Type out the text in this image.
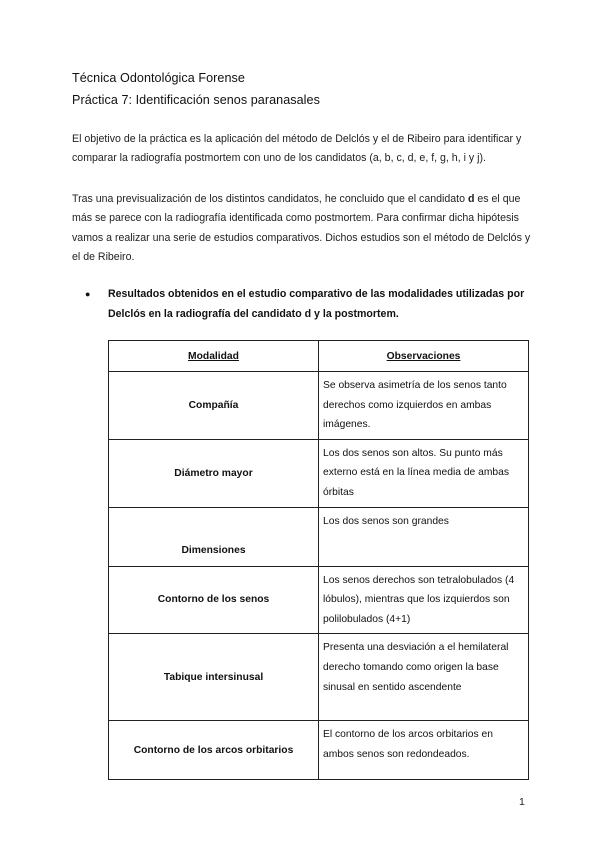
Técnica Odontológica Forense
Práctica 7: Identificación senos paranasales
El objetivo de la práctica es la aplicación del método de Delclós y el de Ribeiro para identificar y comparar la radiografía postmortem con uno de los candidatos (a, b, c, d, e, f, g, h, i y j).
Tras una previsualización de los distintos candidatos, he concluido que el candidato d es el que más se parece con la radiografía identificada como postmortem. Para confirmar dicha hipótesis vamos a realizar una serie de estudios comparativos. Dichos estudios son el método de Delclós y el de Ribeiro.
● Resultados obtenidos en el estudio comparativo de las modalidades utilizadas por Delclós en la radiografía del candidato d y la postmortem.
Modalidad	Observaciones
Compañía	Se observa asimetría de los senos tanto derechos como izquierdos en ambas imágenes.
Diámetro mayor	Los dos senos son altos. Su punto más externo está en la línea media de ambas órbitas
Dimensiones	Los dos senos son grandes
Contorno de los senos	Los senos derechos son tetralobulados (4 lóbulos), mientras que los izquierdos son polilobulados (4+1)
Tabique intersinusal	Presenta una desviación a el hemilateral derecho tomando como origen la base sinusal en sentido ascendente
Contorno de los arcos orbitarios	El contorno de los arcos orbitarios en ambos senos son redondeados.
1
